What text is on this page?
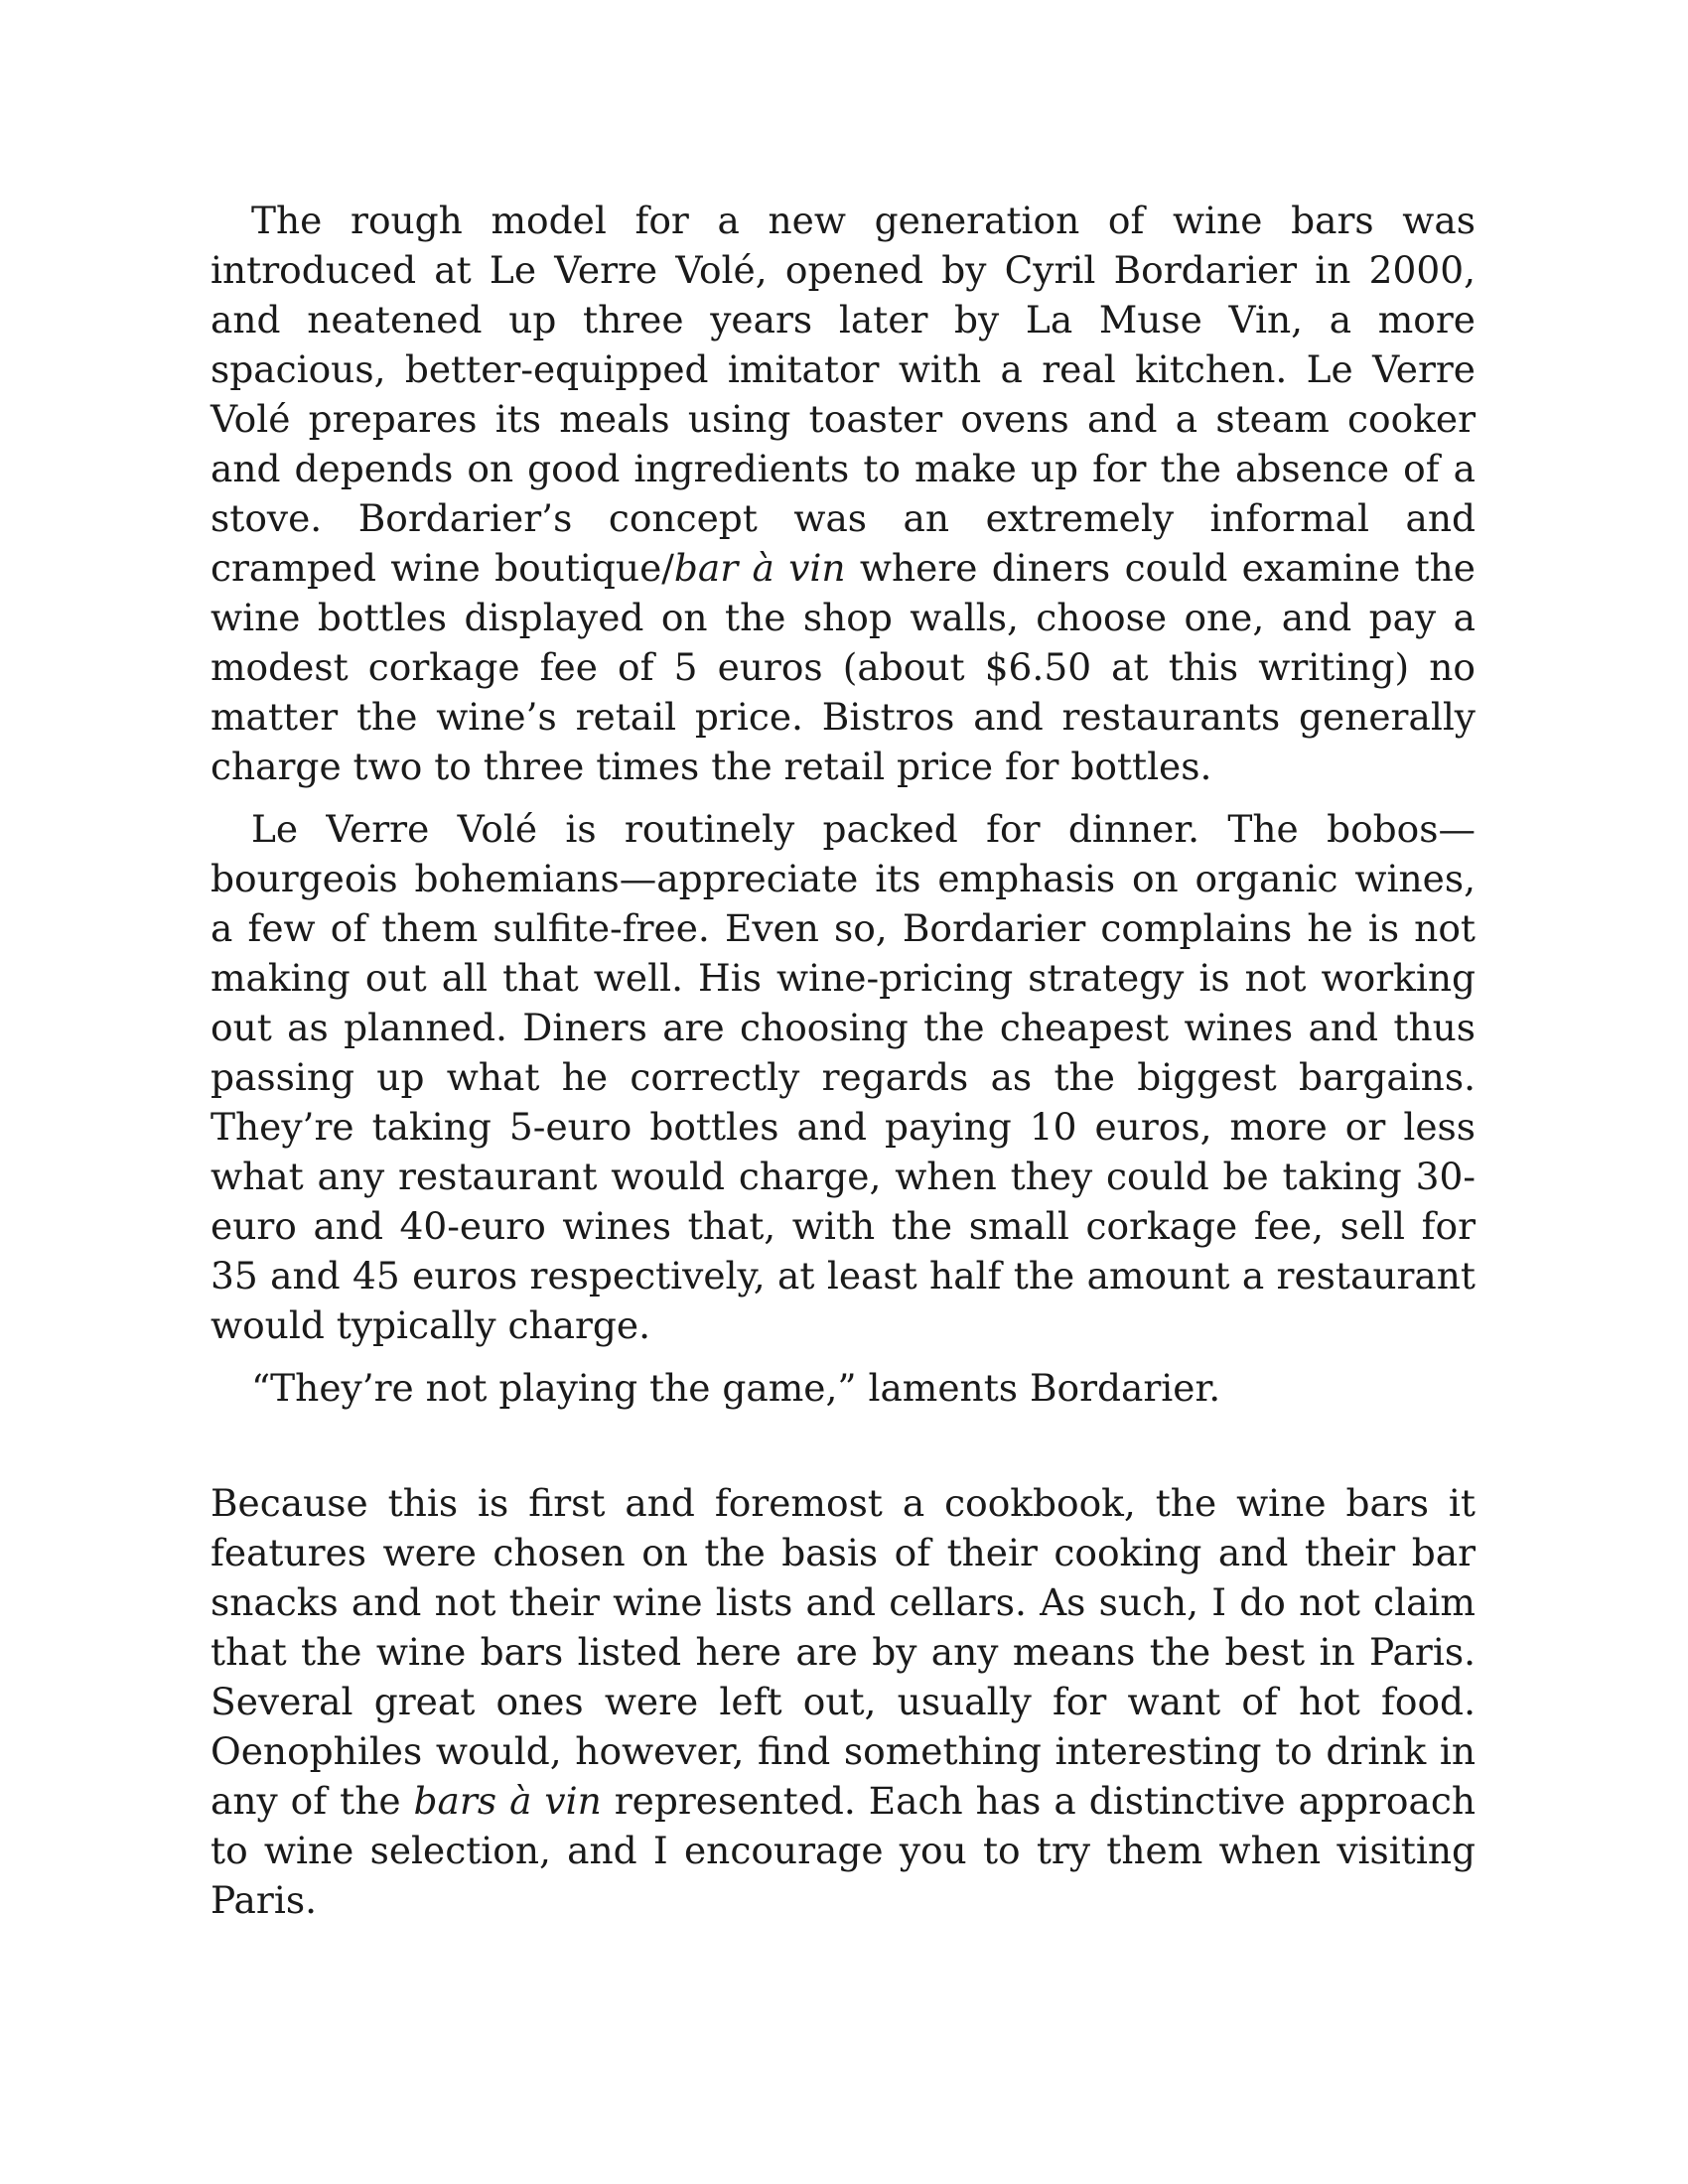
The rough model for a new generation of wine bars was introduced at Le Verre Volé, opened by Cyril Bordarier in 2000, and neatened up three years later by La Muse Vin, a more spacious, better-equipped imitator with a real kitchen. Le Verre Volé prepares its meals using toaster ovens and a steam cooker and depends on good ingredients to make up for the absence of a stove. Bordarier’s concept was an extremely informal and cramped wine boutique/bar à vin where diners could examine the wine bottles displayed on the shop walls, choose one, and pay a modest corkage fee of 5 euros (about $6.50 at this writing) no matter the wine’s retail price. Bistros and restaurants generally charge two to three times the retail price for bottles.

Le Verre Volé is routinely packed for dinner. The bobos—bourgeois bohemians—appreciate its emphasis on organic wines, a few of them sulfite-free. Even so, Bordarier complains he is not making out all that well. His wine-pricing strategy is not working out as planned. Diners are choosing the cheapest wines and thus passing up what he correctly regards as the biggest bargains. They’re taking 5-euro bottles and paying 10 euros, more or less what any restaurant would charge, when they could be taking 30-euro and 40-euro wines that, with the small corkage fee, sell for 35 and 45 euros respectively, at least half the amount a restaurant would typically charge.

“They’re not playing the game,” laments Bordarier.

Because this is first and foremost a cookbook, the wine bars it features were chosen on the basis of their cooking and their bar snacks and not their wine lists and cellars. As such, I do not claim that the wine bars listed here are by any means the best in Paris. Several great ones were left out, usually for want of hot food. Oenophiles would, however, find something interesting to drink in any of the bars à vin represented. Each has a distinctive approach to wine selection, and I encourage you to try them when visiting Paris.
